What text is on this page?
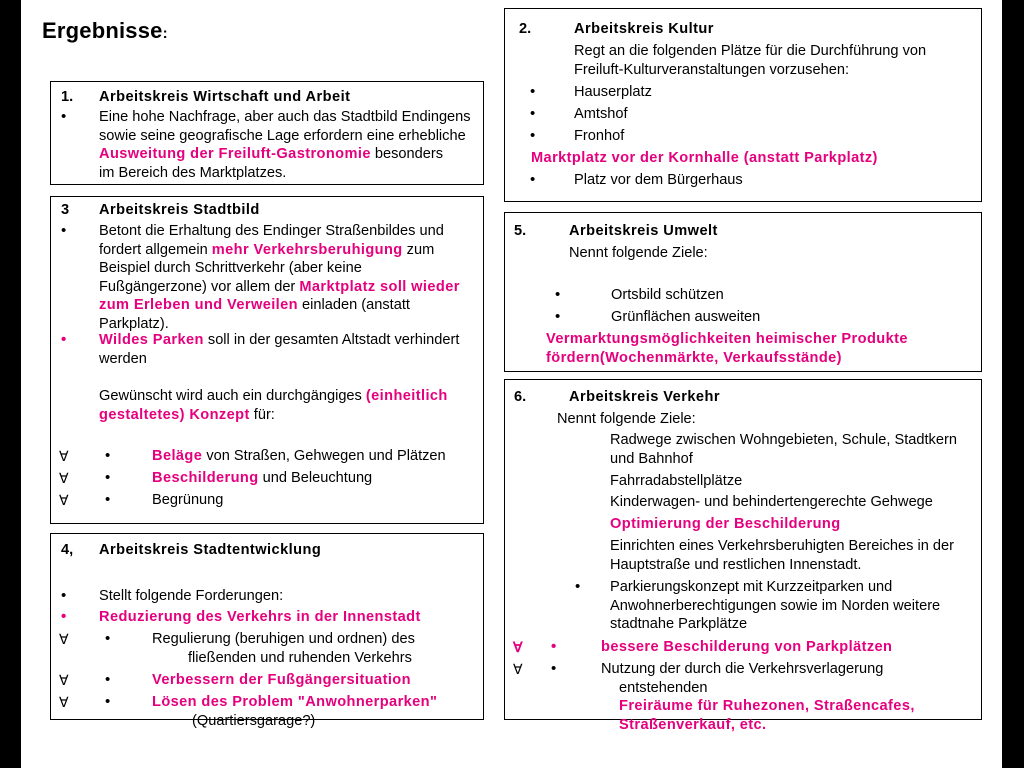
Ergebnisse:
1.	Arbeitskreis Wirtschaft und Arbeit
•	Eine hohe Nachfrage, aber auch das Stadtbild Endingens
sowie seine geografische Lage erfordern eine erhebliche
Ausweitung der Freiluft-Gastronomie besonders
im Bereich des Marktplatzes.
3	Arbeitskreis Stadtbild
•	Betont die Erhaltung des Endinger Straßenbildes und
fordert allgemein mehr Verkehrsberuhigung zum
Beispiel durch Schrittverkehr (aber keine
Fußgängerzone) vor allem der Marktplatz soll wieder
zum Erleben und Verweilen einladen (anstatt
Parkplatz).
•	Wildes Parken soll in der gesamten Altstadt verhindert
werden
Gewünscht wird auch ein durchgängiges (einheitlich
gestaltetes) Konzept für:
∀	•	Beläge von Straßen, Gehwegen und Plätzen
∀	•	Beschilderung und Beleuchtung
∀	•	Begrünung
4,	Arbeitskreis Stadtentwicklung
•	Stellt folgende Forderungen:
•	Reduzierung des Verkehrs in der Innenstadt
∀	•	Regulierung (beruhigen und ordnen) des
fließenden und ruhenden Verkehrs
∀	•	Verbessern der Fußgängersituation
∀	•	Lösen des Problem "Anwohnerparken"
(Quartiersgarage?)
2.	Arbeitskreis Kultur
Regt an die folgenden Plätze für die Durchführung von
Freiluft-Kulturveranstaltungen vorzusehen:
•	Hauserplatz
•	Amtshof
•	Fronhof
Marktplatz vor der Kornhalle (anstatt Parkplatz)
•	Platz vor dem Bürgerhaus
5.	Arbeitskreis Umwelt
Nennt folgende Ziele:
•	Ortsbild schützen
•	Grünflächen ausweiten
Vermarktungsmöglichkeiten heimischer Produkte
fördern(Wochenmärkte, Verkaufsstände)
6.	Arbeitskreis Verkehr
Nennt folgende Ziele:
Radwege zwischen Wohngebieten, Schule, Stadtkern
und Bahnhof
Fahrradabstellplätze
Kinderwagen- und behindertengerechte Gehwege
Optimierung der Beschilderung
Einrichten eines Verkehrsberuhigten Bereiches in der
Hauptstraße und restlichen Innenstadt.
•	Parkierungskonzept mit Kurzzeitparken und
Anwohnerberechtigungen sowie im Norden weitere
stadtnahe Parkplätze
∀	•	bessere Beschilderung von Parkplätzen
∀	•	Nutzung der durch die Verkehrsverlagerung
entstehenden
Freiräume für Ruhezonen, Straßencafes,
Straßenverkauf, etc.
